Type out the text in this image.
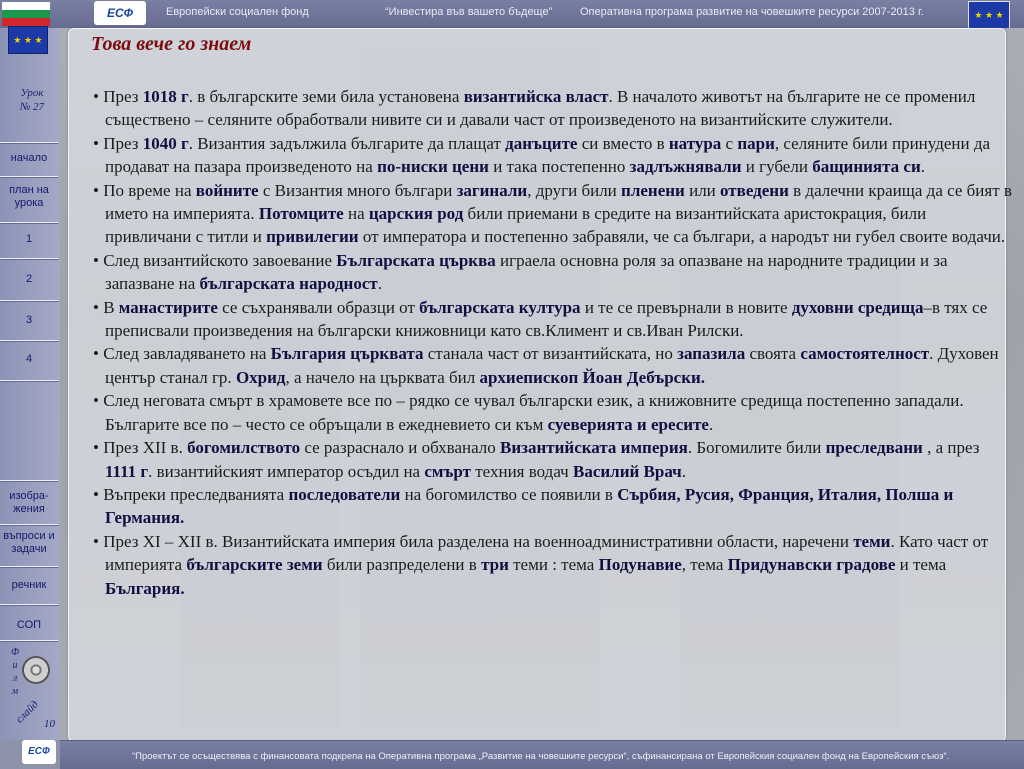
ЕСФ	Европейски социален фонд	“Инвестира във вашето бъдеще”	Оперативна програма развитие на човешките ресурси 2007-2013 г.	★ ★ ★
★ ★ ★
Урок
№ 27
начало
план на урока
1
2
3
4
изобра-жения
въпроси и задачи
речник
СОП
Ф
и
л
м
слайд 10
ЕСФ
Това вече го знаем

• През 1018 г. в българските земи била установена византийска власт. В началото животът на българите не се променил съществено – селяните обработвали нивите си и давали част от произведеното на византийските служители.

• През 1040 г. Византия задължила българите да плащат данъците си вместо в натура с пари, селяните били принудени да продават на пазара произведеното на по-ниски цени и така постепенно задлъжнявали и губели бащинията си.

• По време на войните с Византия много българи загинали, други били пленени или отведени в далечни краища да се бият в името на империята. Потомците на царския род били приемани в средите на византийската аристокрация, били привличани с титли и привилегии от императора и постепенно забравяли, че са българи, а народът ни губел своите водачи.

• След византийското завоевание Българската църква играела основна роля за опазване на народните традиции и за запазване на българската народност.

• В манастирите се съхранявали образци от българската култура и те се превърнали в новите духовни средища–в тях се преписвали произведения на български книжовници като св.Климент и св.Иван Рилски.

• След завладяването на България църквата станала част от византийската, но запазила своята самостоятелност. Духовен център станал гр. Охрид, а начело на църквата бил архиепископ Йоан Дебърски.

• След неговата смърт в храмовете все по – рядко се чувал български език, а книжовните средища постепенно западали. Българите все по – често се обръщали в ежедневието си към суеверията и ересите.

• През XII в. богомилството се разраснало и обхванало Византийската империя. Богомилите били преследвани , а през 1111 г. византийският император осъдил на смърт техния водач Василий Врач.

• Въпреки преследванията последователи на богомилство се появили в Сърбия, Русия, Франция, Италия, Полша и Германия.

• През XI – XII в. Византийската империя била разделена на военноадминистративни области, наречени теми. Като част от империята българските земи били разпределени в три теми : тема Подунавие, тема Придунавски градове и тема България.

“Проектът се осъществява с финансовата подкрепа на Оперативна програма „Развитие на човешките ресурси“, съфинансирана от Европейския социален фонд на Европейския съюз“.
